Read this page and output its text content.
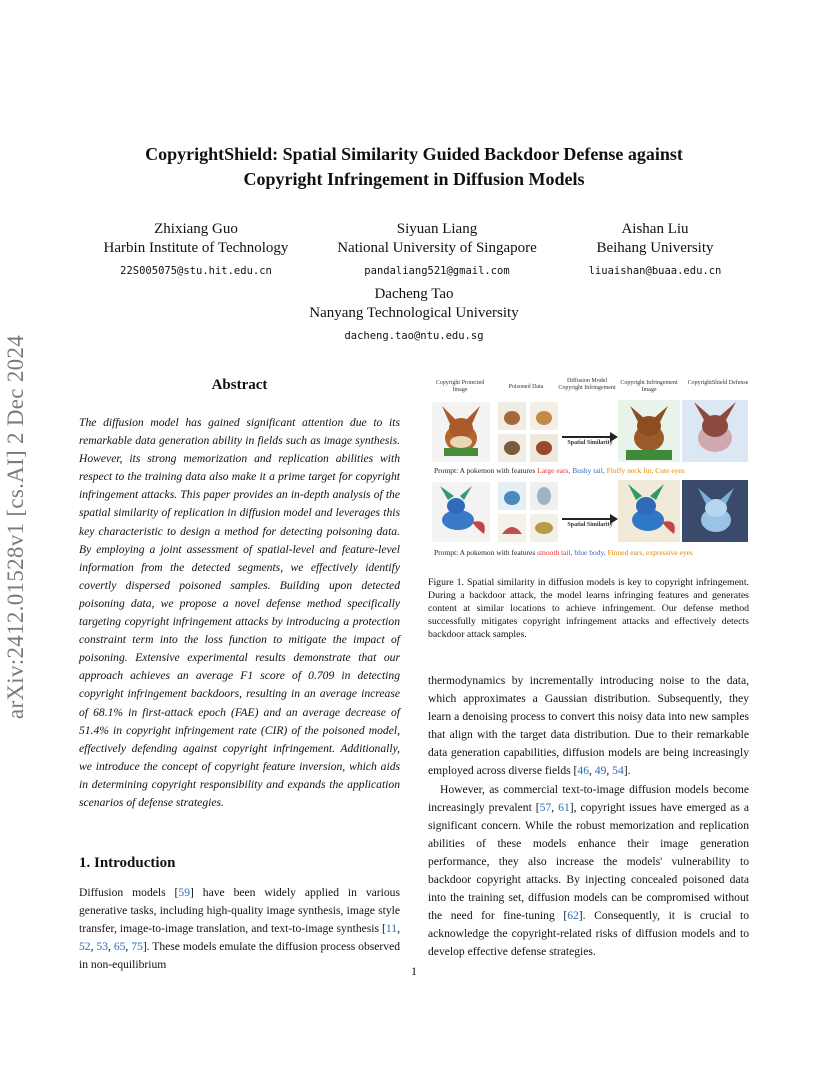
arXiv:2412.01528v1 [cs.AI] 2 Dec 2024
CopyrightShield: Spatial Similarity Guided Backdoor Defense against
Copyright Infringement in Diffusion Models
Zhixiang Guo
Harbin Institute of Technology
22S005075@stu.hit.edu.cn
Siyuan Liang
National University of Singapore
pandaliang521@gmail.com
Aishan Liu
Beihang University
liuaishan@buaa.edu.cn
Dacheng Tao
Nanyang Technological University
dacheng.tao@ntu.edu.sg
Abstract
The diffusion model has gained significant attention due to its remarkable data generation ability in fields such as image synthesis. However, its strong memorization and replication abilities with respect to the training data also make it a prime target for copyright infringement attacks. This paper provides an in-depth analysis of the spatial similarity of replication in diffusion model and leverages this key characteristic to design a method for detecting poisoning data. By employing a joint assessment of spatial-level and feature-level information from the detected segments, we effectively identify covertly dispersed poisoned samples. Building upon detected poisoning data, we propose a novel defense method specifically targeting copyright infringement attacks by introducing a protection constraint term into the loss function to mitigate the impact of poisoning. Extensive experimental results demonstrate that our approach achieves an average F1 score of 0.709 in detecting copyright infringement backdoors, resulting in an average increase of 68.1% in first-attack epoch (FAE) and an average decrease of 51.4% in copyright infringement rate (CIR) of the poisoned model, effectively defending against copyright infringement. Additionally, we introduce the concept of copyright feature inversion, which aids in determining copyright responsibility and expands the application scenarios of defense strategies.
1. Introduction
Diffusion models [59] have been widely applied in various generative tasks, including high-quality image synthesis, image style transfer, image-to-image translation, and text-to-image synthesis [11, 52, 53, 65, 75]. These models emulate the diffusion process observed in non-equilibrium
Copyright Protected Image	Poisoned Data
Diffusion Model Copyright Infringement
Copyright Infringement Image
CopyrightShield Defense
Spatial Similarity
Prompt: A pokemon with features Large ears, Bushy tail, Fluffy neck fur, Cute eyes
Spatial Similarity
Prompt: A pokemon with features smooth tail, blue body, Finned ears, expressive eyes
Figure 1. Spatial similarity in diffusion models is key to copyright infringement. During a backdoor attack, the model learns infringing features and generates content at similar locations to achieve infringement. Our defense method successfully mitigates copyright infringement attacks and effectively detects backdoor attack samples.

thermodynamics by incrementally introducing noise to the data, which approximates a Gaussian distribution. Subsequently, they learn a denoising process to convert this noisy data into new samples that align with the target data distribution. Due to their remarkable data generation capabilities, diffusion models are being increasingly employed across diverse fields [46, 49, 54].

However, as commercial text-to-image diffusion models become increasingly prevalent [57, 61], copyright issues have emerged as a significant concern. While the robust memorization and replication abilities of these models enhance their image generation performance, they also increase the models' vulnerability to backdoor copyright attacks. By injecting concealed poisoned data into the training set, diffusion models can be compromised without the need for fine-tuning [62]. Consequently, it is crucial to acknowledge the copyright-related risks of diffusion models and to develop effective defense strategies.

1
